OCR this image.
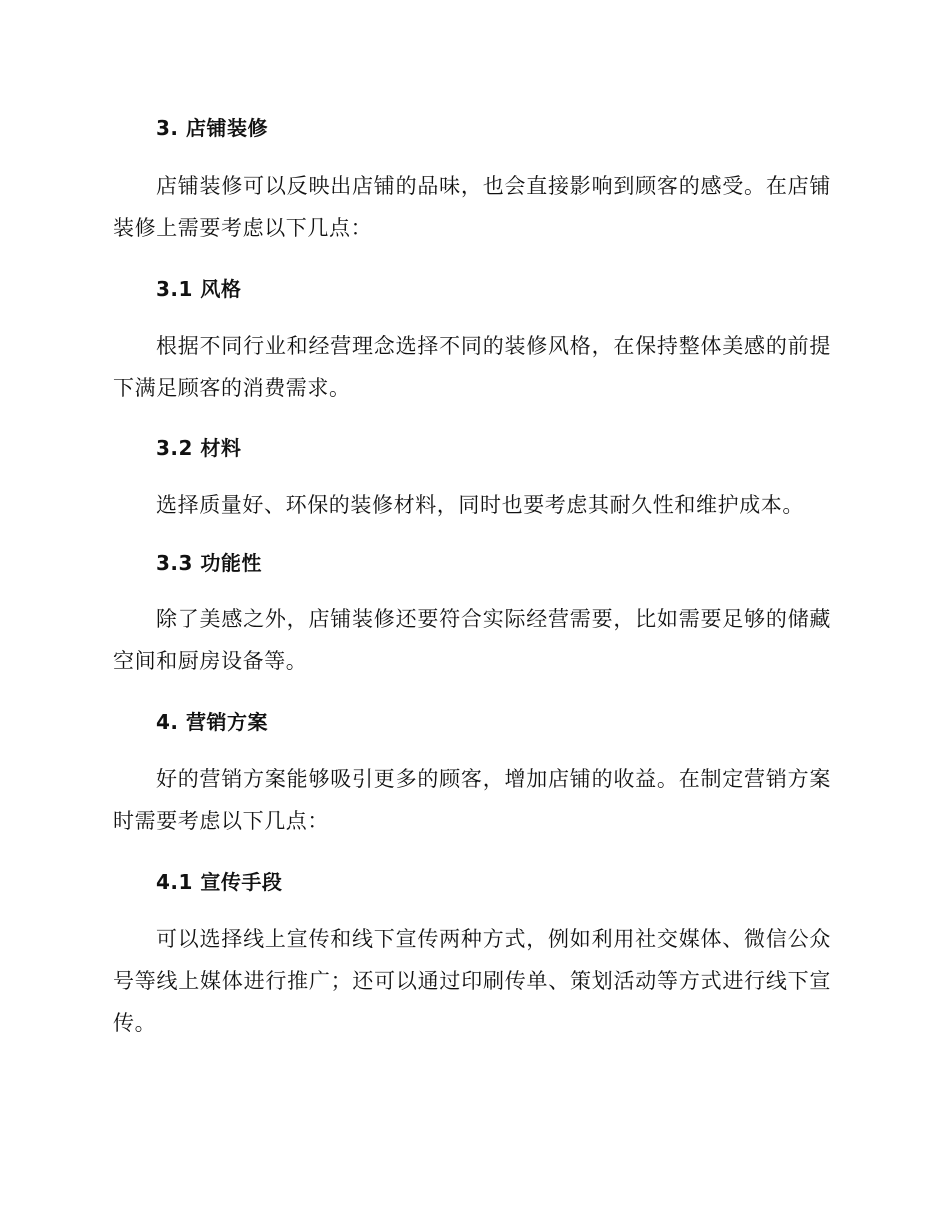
3. 店铺装修
店铺装修可以反映出店铺的品味，也会直接影响到顾客的感受。在店铺装修上需要考虑以下几点：
3.1 风格
根据不同行业和经营理念选择不同的装修风格，在保持整体美感的前提下满足顾客的消费需求。
3.2 材料
选择质量好、环保的装修材料，同时也要考虑其耐久性和维护成本。
3.3 功能性
除了美感之外，店铺装修还要符合实际经营需要，比如需要足够的储藏空间和厨房设备等。
4. 营销方案
好的营销方案能够吸引更多的顾客，增加店铺的收益。在制定营销方案时需要考虑以下几点：
4.1 宣传手段
可以选择线上宣传和线下宣传两种方式，例如利用社交媒体、微信公众号等线上媒体进行推广；还可以通过印刷传单、策划活动等方式进行线下宣传。
